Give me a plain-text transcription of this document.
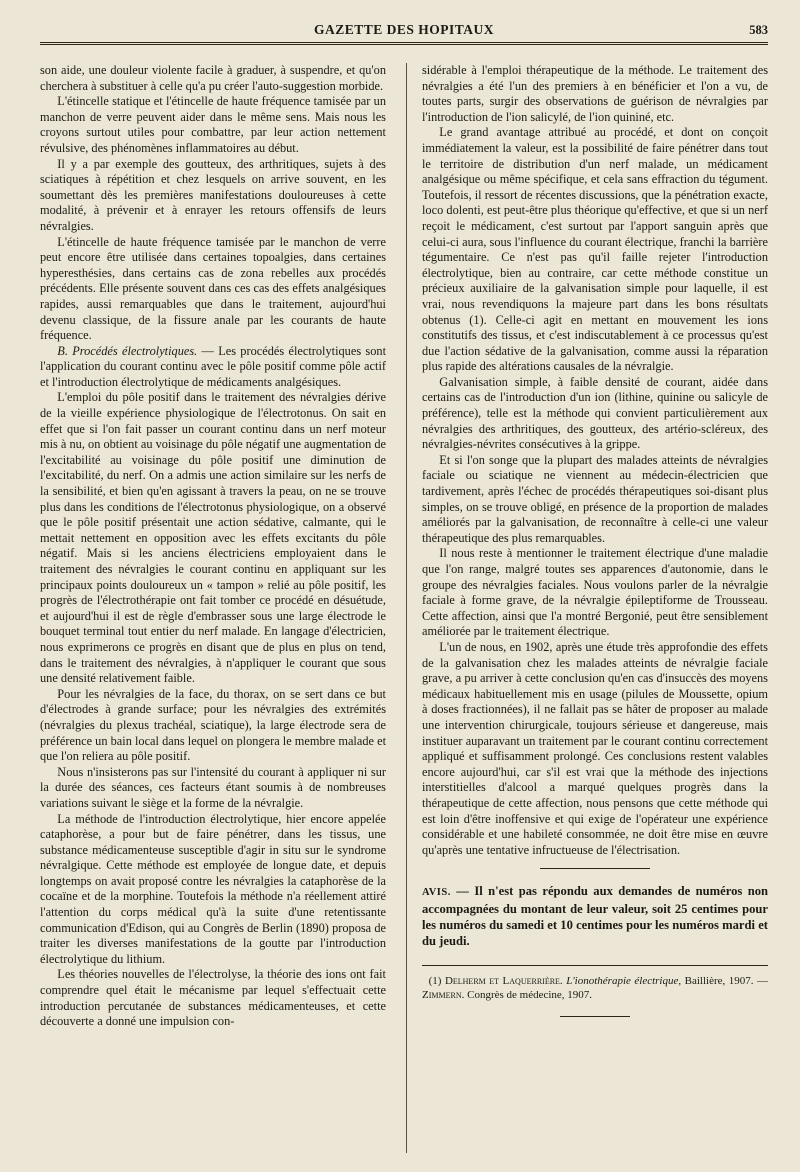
GAZETTE DES HOPITAUX	583

son aide, une douleur violente facile à graduer, à suspendre, et qu'on cherchera à substituer à celle qu'a pu créer l'auto-suggestion morbide.

L'étincelle statique et l'étincelle de haute fréquence tamisée par un manchon de verre peuvent aider dans le même sens. Mais nous les croyons surtout utiles pour combattre, par leur action nettement révulsive, des phénomènes inflammatoires au début.

Il y a par exemple des goutteux, des arthritiques, sujets à des sciatiques à répétition et chez lesquels on arrive souvent, en les soumettant dès les premières manifestations douloureuses à cette modalité, à prévenir et à enrayer les retours offensifs de leurs névralgies.

L'étincelle de haute fréquence tamisée par le manchon de verre peut encore être utilisée dans certaines topoalgies, dans certaines hyperesthésies, dans certains cas de zona rebelles aux procédés précédents. Elle présente souvent dans ces cas des effets analgésiques rapides, aussi remarquables que dans le traitement, aujourd'hui devenu classique, de la fissure anale par les courants de haute fréquence.

B. Procédés électrolytiques. — Les procédés électrolytiques sont l'application du courant continu avec le pôle positif comme pôle actif et l'introduction électrolytique de médicaments analgésiques.

L'emploi du pôle positif dans le traitement des névralgies dérive de la vieille expérience physiologique de l'électrotonus. On sait en effet que si l'on fait passer un courant continu dans un nerf moteur mis à nu, on obtient au voisinage du pôle négatif une augmentation de l'excitabilité au voisinage du pôle positif une diminution de l'excitabilité, du nerf. On a admis une action similaire sur les nerfs de la sensibilité, et bien qu'en agissant à travers la peau, on ne se trouve plus dans les conditions de l'électrotonus physiologique, on a observé que le pôle positif présentait une action sédative, calmante, qui le mettait nettement en opposition avec les effets excitants du pôle négatif. Mais si les anciens électriciens employaient dans le traitement des névralgies le courant continu en appliquant sur les principaux points douloureux un « tampon » relié au pôle positif, les progrès de l'électrothérapie ont fait tomber ce procédé en désuétude, et aujourd'hui il est de règle d'embrasser sous une large électrode le bouquet terminal tout entier du nerf malade. En langage d'électricien, nous exprimerons ce progrès en disant que de plus en plus on tend, dans le traitement des névralgies, à n'appliquer le courant que sous une densité relativement faible.

Pour les névralgies de la face, du thorax, on se sert dans ce but d'électrodes à grande surface; pour les névralgies des extrémités (névralgies du plexus trachéal, sciatique), la large électrode sera de préférence un bain local dans lequel on plongera le membre malade et que l'on reliera au pôle positif.

Nous n'insisterons pas sur l'intensité du courant à appliquer ni sur la durée des séances, ces facteurs étant soumis à de nombreuses variations suivant le siège et la forme de la névralgie.

La méthode de l'introduction électrolytique, hier encore appelée cataphorèse, a pour but de faire pénétrer, dans les tissus, une substance médicamenteuse susceptible d'agir in situ sur le syndrome névralgique. Cette méthode est employée de longue date, et depuis longtemps on avait proposé contre les névralgies la cataphorèse de la cocaïne et de la morphine. Toutefois la méthode n'a réellement attiré l'attention du corps médical qu'à la suite d'une retentissante communication d'Edison, qui au Congrès de Berlin (1890) proposa de traiter les diverses manifestations de la goutte par l'introduction électrolytique du lithium.

Les théories nouvelles de l'électrolyse, la théorie des ions ont fait comprendre quel était le mécanisme par lequel s'effectuait cette introduction percutanée de substances médicamenteuses, et cette découverte a donné une impulsion con-

sidérable à l'emploi thérapeutique de la méthode. Le traitement des névralgies a été l'un des premiers à en bénéficier et l'on a vu, de toutes parts, surgir des observations de guérison de névralgies par l'introduction de l'ion salicylé, de l'ion quininé, etc.

Le grand avantage attribué au procédé, et dont on conçoit immédiatement la valeur, est la possibilité de faire pénétrer dans tout le territoire de distribution d'un nerf malade, un médicament analgésique ou même spécifique, et cela sans effraction du tégument. Toutefois, il ressort de récentes discussions, que la pénétration exacte, loco dolenti, est peut-être plus théorique qu'effective, et que si un nerf reçoit le médicament, c'est surtout par l'apport sanguin après que celui-ci aura, sous l'influence du courant électrique, franchi la barrière tégumentaire. Ce n'est pas qu'il faille rejeter l'introduction électrolytique, bien au contraire, car cette méthode constitue un précieux auxiliaire de la galvanisation simple pour laquelle, il est vrai, nous revendiquons la majeure part dans les bons résultats obtenus (1). Celle-ci agit en mettant en mouvement les ions constitutifs des tissus, et c'est indiscutablement à ce processus qu'est due l'action sédative de la galvanisation, comme aussi la réparation plus rapide des altérations causales de la névralgie.

Galvanisation simple, à faible densité de courant, aidée dans certains cas de l'introduction d'un ion (lithine, quinine ou salicyle de préférence), telle est la méthode qui convient particulièrement aux névralgies des arthritiques, des goutteux, des artério-scléreux, des névralgies-névrites consécutives à la grippe.

Et si l'on songe que la plupart des malades atteints de névralgies faciale ou sciatique ne viennent au médecin-électricien que tardivement, après l'échec de procédés thérapeutiques soi-disant plus simples, on se trouve obligé, en présence de la proportion de malades améliorés par la galvanisation, de reconnaître à celle-ci une valeur thérapeutique des plus remarquables.

Il nous reste à mentionner le traitement électrique d'une maladie que l'on range, malgré toutes ses apparences d'autonomie, dans le groupe des névralgies faciales. Nous voulons parler de la névralgie faciale à forme grave, de la névralgie épileptiforme de Trousseau. Cette affection, ainsi que l'a montré Bergonié, peut être sensiblement améliorée par le traitement électrique.

L'un de nous, en 1902, après une étude très approfondie des effets de la galvanisation chez les malades atteints de névralgie faciale grave, a pu arriver à cette conclusion qu'en cas d'insuccès des moyens médicaux habituellement mis en usage (pilules de Moussette, opium à doses fractionnées), il ne fallait pas se hâter de proposer au malade une intervention chirurgicale, toujours sérieuse et dangereuse, mais instituer auparavant un traitement par le courant continu correctement appliqué et suffisamment prolongé. Ces conclusions restent valables encore aujourd'hui, car s'il est vrai que la méthode des injections interstitielles d'alcool a marqué quelques progrès dans la thérapeutique de cette affection, nous pensons que cette méthode qui est loin d'être inoffensive et qui exige de l'opérateur une expérience considérable et une habileté consommée, ne doit être mise en œuvre qu'après une tentative infructueuse de l'électrisation.

AVIS. — Il n'est pas répondu aux demandes de numéros non accompagnées du montant de leur valeur, soit 25 centimes pour les numéros du samedi et 10 centimes pour les numéros mardi et du jeudi.

(1) Delherm et Laquerrière. L'ionothérapie électrique, Baillière, 1907. — Zimmern. Congrès de médecine, 1907.
